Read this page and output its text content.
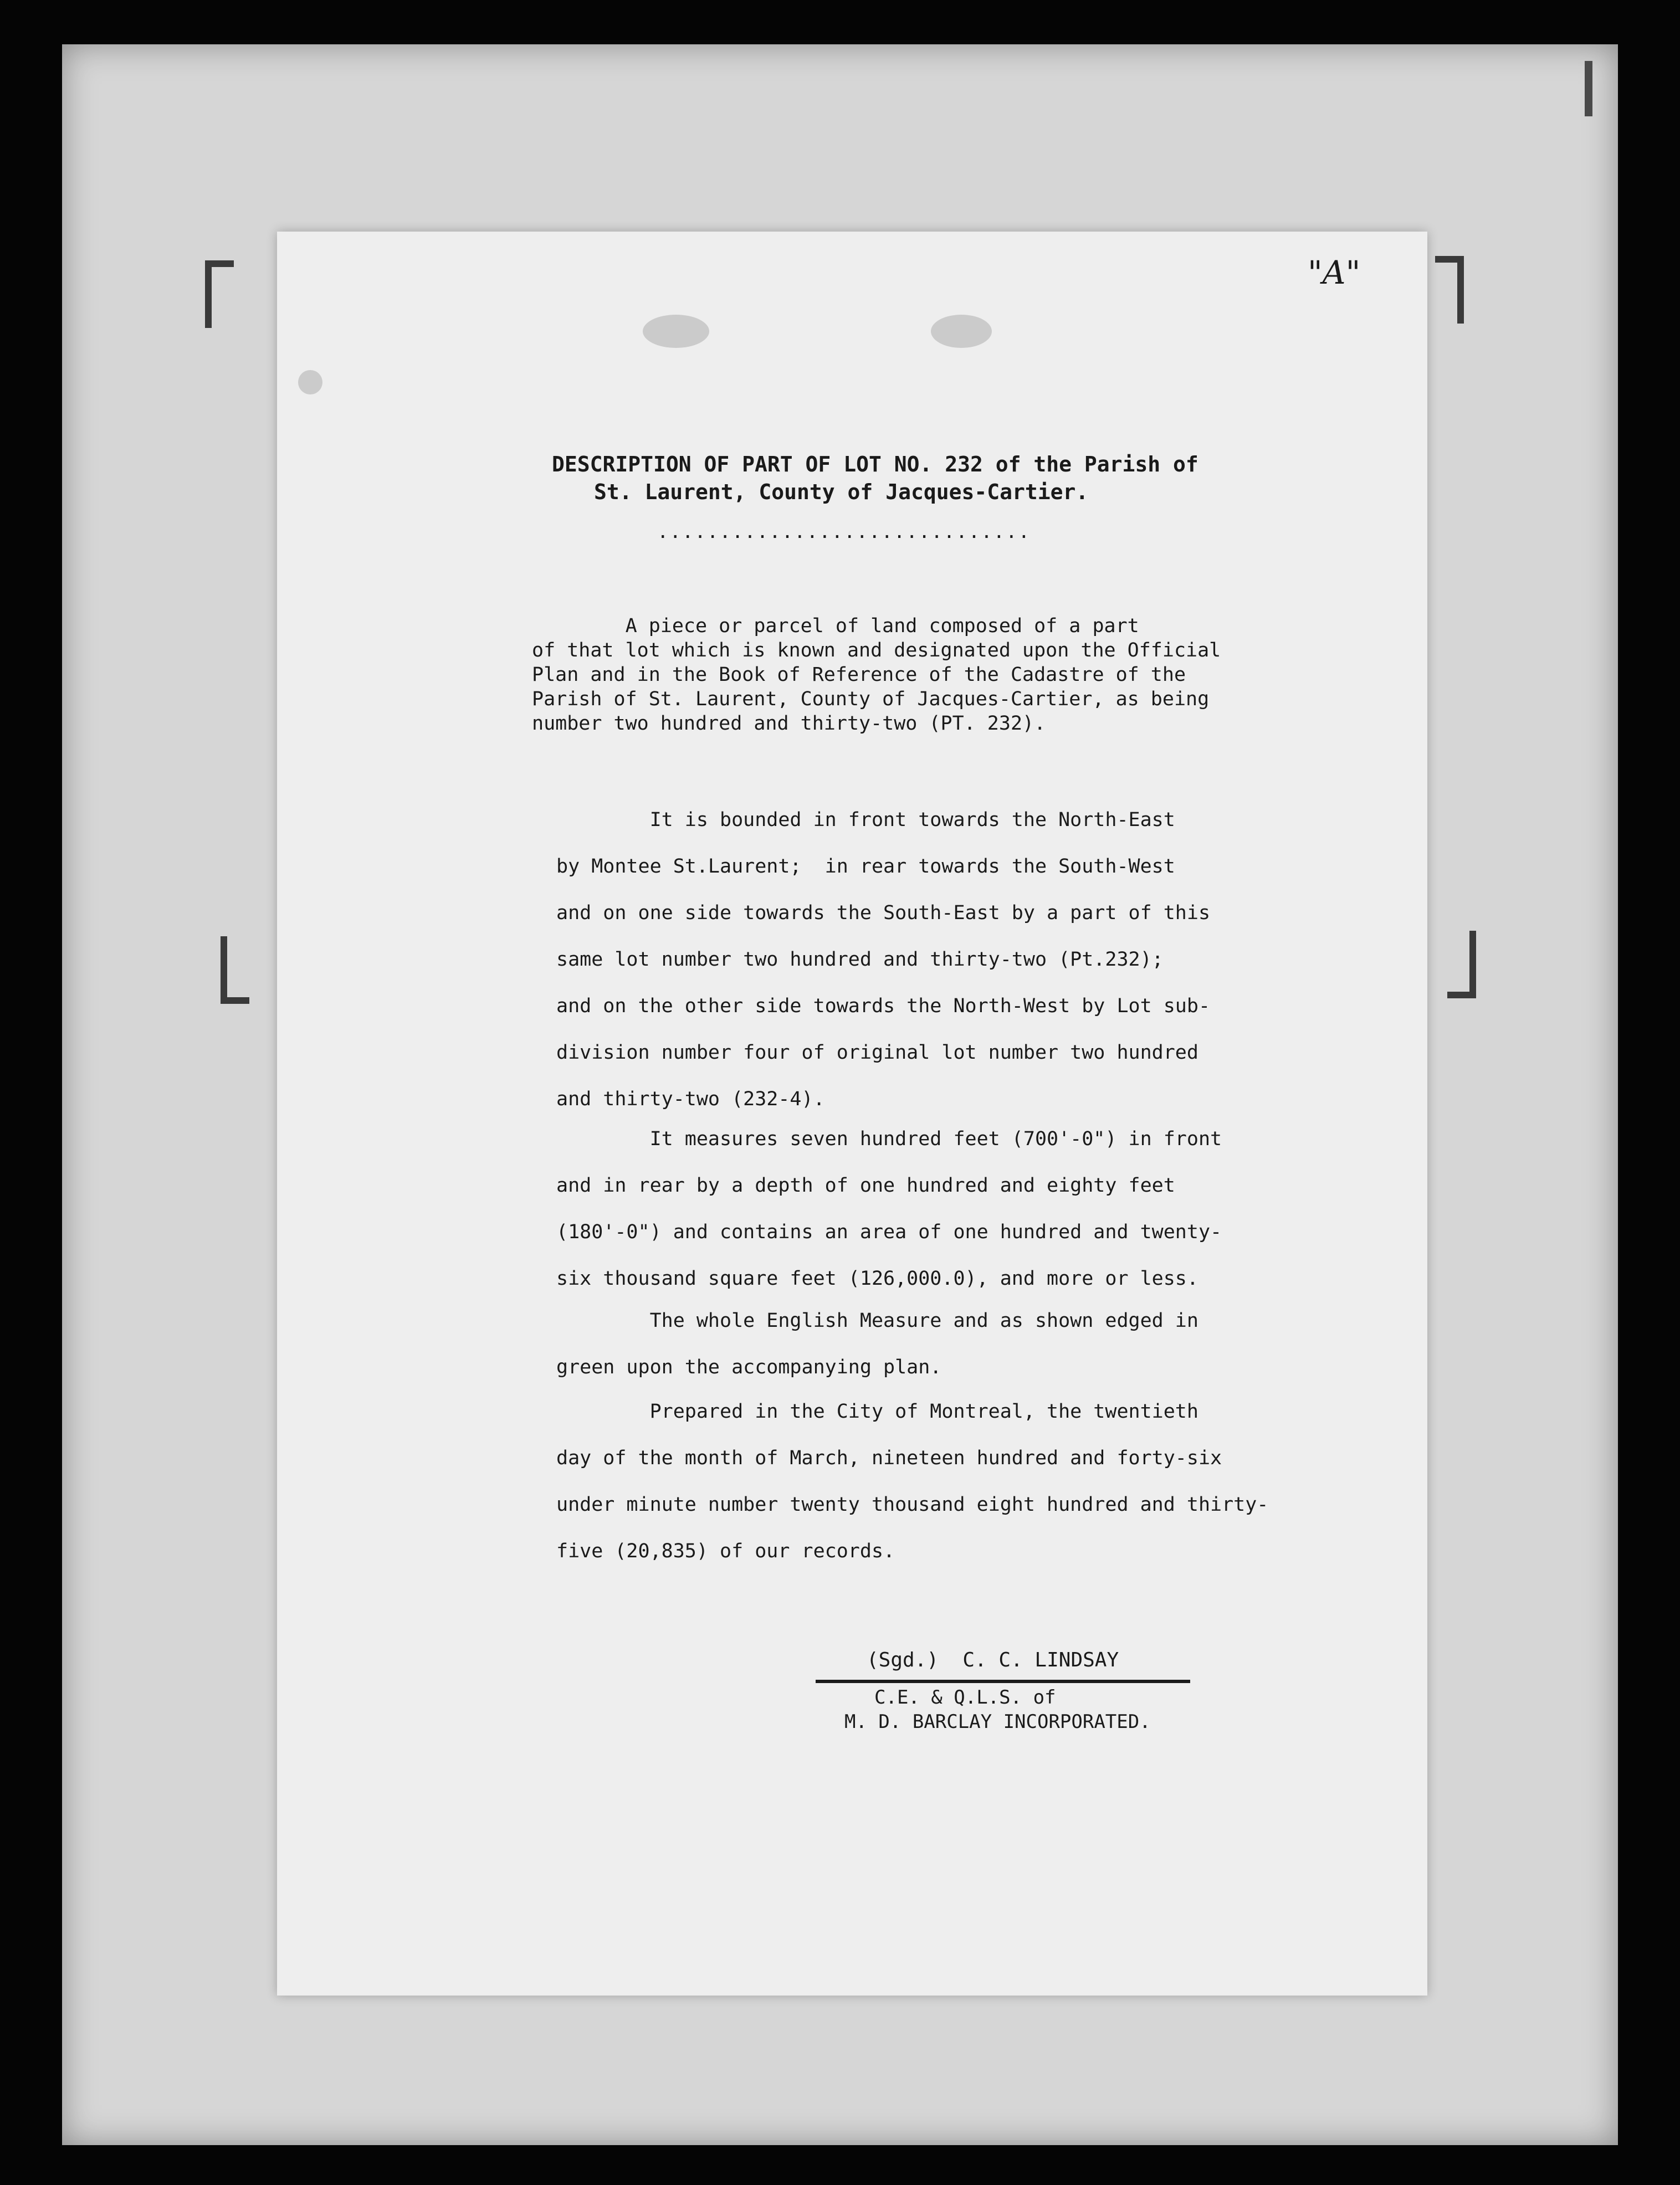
"A"

DESCRIPTION OF PART OF LOT NO. 232 of the Parish of

St. Laurent, County of Jacques-Cartier.

..............................

A piece or parcel of land composed of a part
of that lot which is known and designated upon the Official
Plan and in the Book of Reference of the Cadastre of the
Parish of St. Laurent, County of Jacques-Cartier, as being
number two hundred and thirty-two (PT. 232).

It is bounded in front towards the North-East
by Montee St.Laurent;  in rear towards the South-West
and on one side towards the South-East by a part of this
same lot number two hundred and thirty-two (Pt.232);
and on the other side towards the North-West by Lot sub-
division number four of original lot number two hundred
and thirty-two (232-4).

It measures seven hundred feet (700'-0") in front
and in rear by a depth of one hundred and eighty feet
(180'-0") and contains an area of one hundred and twenty-
six thousand square feet (126,000.0), and more or less.

The whole English Measure and as shown edged in
green upon the accompanying plan.

Prepared in the City of Montreal, the twentieth
day of the month of March, nineteen hundred and forty-six
under minute number twenty thousand eight hundred and thirty-
five (20,835) of our records.

(Sgd.)  C. C. LINDSAY

C.E. & Q.L.S. of

M. D. BARCLAY INCORPORATED.
